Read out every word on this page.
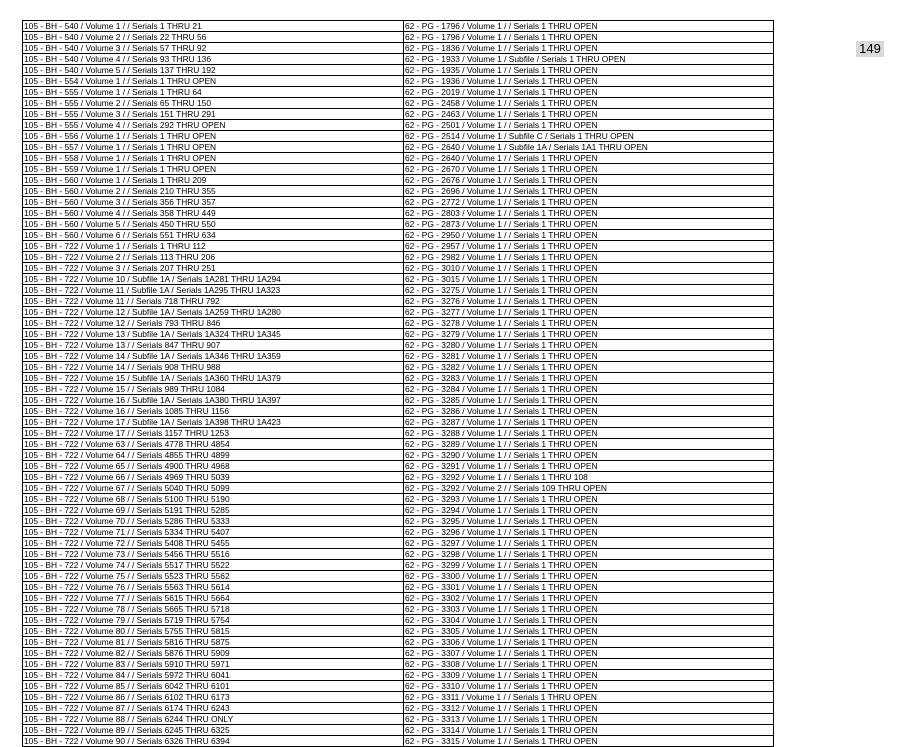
149
105 - BH - 540 / Volume 1 / / Serials 1 THRU 21	62 - PG - 1796 / Volume 1 / / Serials 1 THRU OPEN
105 - BH - 540 / Volume 2 / / Serials 22 THRU 56	62 - PG - 1796 / Volume 1 / / Serials 1 THRU OPEN
105 - BH - 540 / Volume 3 / / Serials 57 THRU 92	62 - PG - 1836 / Volume 1 / / Serials 1 THRU OPEN
105 - BH - 540 / Volume 4 / / Serials 93 THRU 136	62 - PG - 1933 / Volume 1 / Subfile / Serials 1 THRU OPEN
105 - BH - 540 / Volume 5 / / Serials 137 THRU 192	62 - PG - 1935 / Volume 1 / / Serials 1 THRU OPEN
105 - BH - 554 / Volume 1 / / Serials 1 THRU OPEN	62 - PG - 1936 / Volume 1 / / Serials 1 THRU OPEN
105 - BH - 555 / Volume 1 / / Serials 1 THRU 64	62 - PG - 2019 / Volume 1 / / Serials 1 THRU OPEN
105 - BH - 555 / Volume 2 / / Serials 65 THRU 150	62 - PG - 2458 / Volume 1 / / Serials 1 THRU OPEN
105 - BH - 555 / Volume 3 / / Serials 151 THRU 291	62 - PG - 2463 / Volume 1 / / Serials 1 THRU OPEN
105 - BH - 555 / Volume 4 / / Serials 292 THRU OPEN	62 - PG - 2501 / Volume 1 / / Serials 1 THRU OPEN
105 - BH - 556 / Volume 1 / / Serials 1 THRU OPEN	62 - PG - 2514 / Volume 1 / Subfile C / Serials 1 THRU OPEN
105 - BH - 557 / Volume 1 / / Serials 1 THRU OPEN	62 - PG - 2640 / Volume 1 / Subfile 1A / Serials 1A1 THRU OPEN
105 - BH - 558 / Volume 1 / / Serials 1 THRU OPEN	62 - PG - 2640 / Volume 1 / / Serials 1 THRU OPEN
105 - BH - 559 / Volume 1 / / Serials 1 THRU OPEN	62 - PG - 2670 / Volume 1 / / Serials 1 THRU OPEN
105 - BH - 560 / Volume 1 / / Serials 1 THRU 209	62 - PG - 2676 / Volume 1 / / Serials 1 THRU OPEN
105 - BH - 560 / Volume 2 / / Serials 210 THRU 355	62 - PG - 2696 / Volume 1 / / Serials 1 THRU OPEN
105 - BH - 560 / Volume 3 / / Serials 356 THRU 357	62 - PG - 2772 / Volume 1 / / Serials 1 THRU OPEN
105 - BH - 560 / Volume 4 / / Serials 358 THRU 449	62 - PG - 2803 / Volume 1 / / Serials 1 THRU OPEN
105 - BH - 560 / Volume 5 / / Serials 450 THRU 550	62 - PG - 2873 / Volume 1 / / Serials 1 THRU OPEN
105 - BH - 560 / Volume 6 / / Serials 551 THRU 634	62 - PG - 2950 / Volume 1 / / Serials 1 THRU OPEN
105 - BH - 722 / Volume 1 / / Serials 1 THRU 112	62 - PG - 2957 / Volume 1 / / Serials 1 THRU OPEN
105 - BH - 722 / Volume 2 / / Serials 113 THRU 206	62 - PG - 2982 / Volume 1 / / Serials 1 THRU OPEN
105 - BH - 722 / Volume 3 / / Serials 207 THRU 251	62 - PG - 3010 / Volume 1 / / Serials 1 THRU OPEN
105 - BH - 722 / Volume 10 / Subfile 1A / Serials 1A281 THRU 1A294	62 - PG - 3015 / Volume 1 / / Serials 1 THRU OPEN
105 - BH - 722 / Volume 11 / Subfile 1A / Serials 1A295 THRU 1A323	62 - PG - 3275 / Volume 1 / / Serials 1 THRU OPEN
105 - BH - 722 / Volume 11 / / Serials 718 THRU 792	62 - PG - 3276 / Volume 1 / / Serials 1 THRU OPEN
105 - BH - 722 / Volume 12 / Subfile 1A / Serials 1A259 THRU 1A280	62 - PG - 3277 / Volume 1 / / Serials 1 THRU OPEN
105 - BH - 722 / Volume 12 / / Serials 793 THRU 846	62 - PG - 3278 / Volume 1 / / Serials 1 THRU OPEN
105 - BH - 722 / Volume 13 / Subfile 1A / Serials 1A324 THRU 1A345	62 - PG - 3279 / Volume 1 / / Serials 1 THRU OPEN
105 - BH - 722 / Volume 13 / / Serials 847 THRU 907	62 - PG - 3280 / Volume 1 / / Serials 1 THRU OPEN
105 - BH - 722 / Volume 14 / Subfile 1A / Serials 1A346 THRU 1A359	62 - PG - 3281 / Volume 1 / / Serials 1 THRU OPEN
105 - BH - 722 / Volume 14 / / Serials 908 THRU 988	62 - PG - 3282 / Volume 1 / / Serials 1 THRU OPEN
105 - BH - 722 / Volume 15 / Subfile 1A / Serials 1A360 THRU 1A379	62 - PG - 3283 / Volume 1 / / Serials 1 THRU OPEN
105 - BH - 722 / Volume 15 / / Serials 989 THRU 1084	62 - PG - 3284 / Volume 1 / / Serials 1 THRU OPEN
105 - BH - 722 / Volume 16 / Subfile 1A / Serials 1A380 THRU 1A397	62 - PG - 3285 / Volume 1 / / Serials 1 THRU OPEN
105 - BH - 722 / Volume 16 / / Serials 1085 THRU 1156	62 - PG - 3286 / Volume 1 / / Serials 1 THRU OPEN
105 - BH - 722 / Volume 17 / Subfile 1A / Serials 1A398 THRU 1A423	62 - PG - 3287 / Volume 1 / / Serials 1 THRU OPEN
105 - BH - 722 / Volume 17 / / Serials 1157 THRU 1253	62 - PG - 3288 / Volume 1 / / Serials 1 THRU OPEN
105 - BH - 722 / Volume 63 / / Serials 4778 THRU 4854	62 - PG - 3289 / Volume 1 / / Serials 1 THRU OPEN
105 - BH - 722 / Volume 64 / / Serials 4855 THRU 4899	62 - PG - 3290 / Volume 1 / / Serials 1 THRU OPEN
105 - BH - 722 / Volume 65 / / Serials 4900 THRU 4968	62 - PG - 3291 / Volume 1 / / Serials 1 THRU OPEN
105 - BH - 722 / Volume 66 / / Serials 4969 THRU 5039	62 - PG - 3292 / Volume 1 / / Serials 1 THRU 108
105 - BH - 722 / Volume 67 / / Serials 5040 THRU 5099	62 - PG - 3292 / Volume 2 / / Serials 109 THRU OPEN
105 - BH - 722 / Volume 68 / / Serials 5100 THRU 5190	62 - PG - 3293 / Volume 1 / / Serials 1 THRU OPEN
105 - BH - 722 / Volume 69 / / Serials 5191 THRU 5285	62 - PG - 3294 / Volume 1 / / Serials 1 THRU OPEN
105 - BH - 722 / Volume 70 / / Serials 5286 THRU 5333	62 - PG - 3295 / Volume 1 / / Serials 1 THRU OPEN
105 - BH - 722 / Volume 71 / / Serials 5334 THRU 5407	62 - PG - 3296 / Volume 1 / / Serials 1 THRU OPEN
105 - BH - 722 / Volume 72 / / Serials 5408 THRU 5455	62 - PG - 3297 / Volume 1 / / Serials 1 THRU OPEN
105 - BH - 722 / Volume 73 / / Serials 5456 THRU 5516	62 - PG - 3298 / Volume 1 / / Serials 1 THRU OPEN
105 - BH - 722 / Volume 74 / / Serials 5517 THRU 5522	62 - PG - 3299 / Volume 1 / / Serials 1 THRU OPEN
105 - BH - 722 / Volume 75 / / Serials 5523 THRU 5562	62 - PG - 3300 / Volume 1 / / Serials 1 THRU OPEN
105 - BH - 722 / Volume 76 / / Serials 5563 THRU 5614	62 - PG - 3301 / Volume 1 / / Serials 1 THRU OPEN
105 - BH - 722 / Volume 77 / / Serials 5615 THRU 5664	62 - PG - 3302 / Volume 1 / / Serials 1 THRU OPEN
105 - BH - 722 / Volume 78 / / Serials 5665 THRU 5718	62 - PG - 3303 / Volume 1 / / Serials 1 THRU OPEN
105 - BH - 722 / Volume 79 / / Serials 5719 THRU 5754	62 - PG - 3304 / Volume 1 / / Serials 1 THRU OPEN
105 - BH - 722 / Volume 80 / / Serials 5755 THRU 5815	62 - PG - 3305 / Volume 1 / / Serials 1 THRU OPEN
105 - BH - 722 / Volume 81 / / Serials 5816 THRU 5875	62 - PG - 3306 / Volume 1 / / Serials 1 THRU OPEN
105 - BH - 722 / Volume 82 / / Serials 5876 THRU 5909	62 - PG - 3307 / Volume 1 / / Serials 1 THRU OPEN
105 - BH - 722 / Volume 83 / / Serials 5910 THRU 5971	62 - PG - 3308 / Volume 1 / / Serials 1 THRU OPEN
105 - BH - 722 / Volume 84 / / Serials 5972 THRU 6041	62 - PG - 3309 / Volume 1 / / Serials 1 THRU OPEN
105 - BH - 722 / Volume 85 / / Serials 6042 THRU 6101	62 - PG - 3310 / Volume 1 / / Serials 1 THRU OPEN
105 - BH - 722 / Volume 86 / / Serials 6102 THRU 6173	62 - PG - 3311 / Volume 1 / / Serials 1 THRU OPEN
105 - BH - 722 / Volume 87 / / Serials 6174 THRU 6243	62 - PG - 3312 / Volume 1 / / Serials 1 THRU OPEN
105 - BH - 722 / Volume 88 / / Serials 6244 THRU ONLY	62 - PG - 3313 / Volume 1 / / Serials 1 THRU OPEN
105 - BH - 722 / Volume 89 / / Serials 6245 THRU 6325	62 - PG - 3314 / Volume 1 / / Serials 1 THRU OPEN
105 - BH - 722 / Volume 90 / / Serials 6326 THRU 6394	62 - PG - 3315 / Volume 1 / / Serials 1 THRU OPEN
